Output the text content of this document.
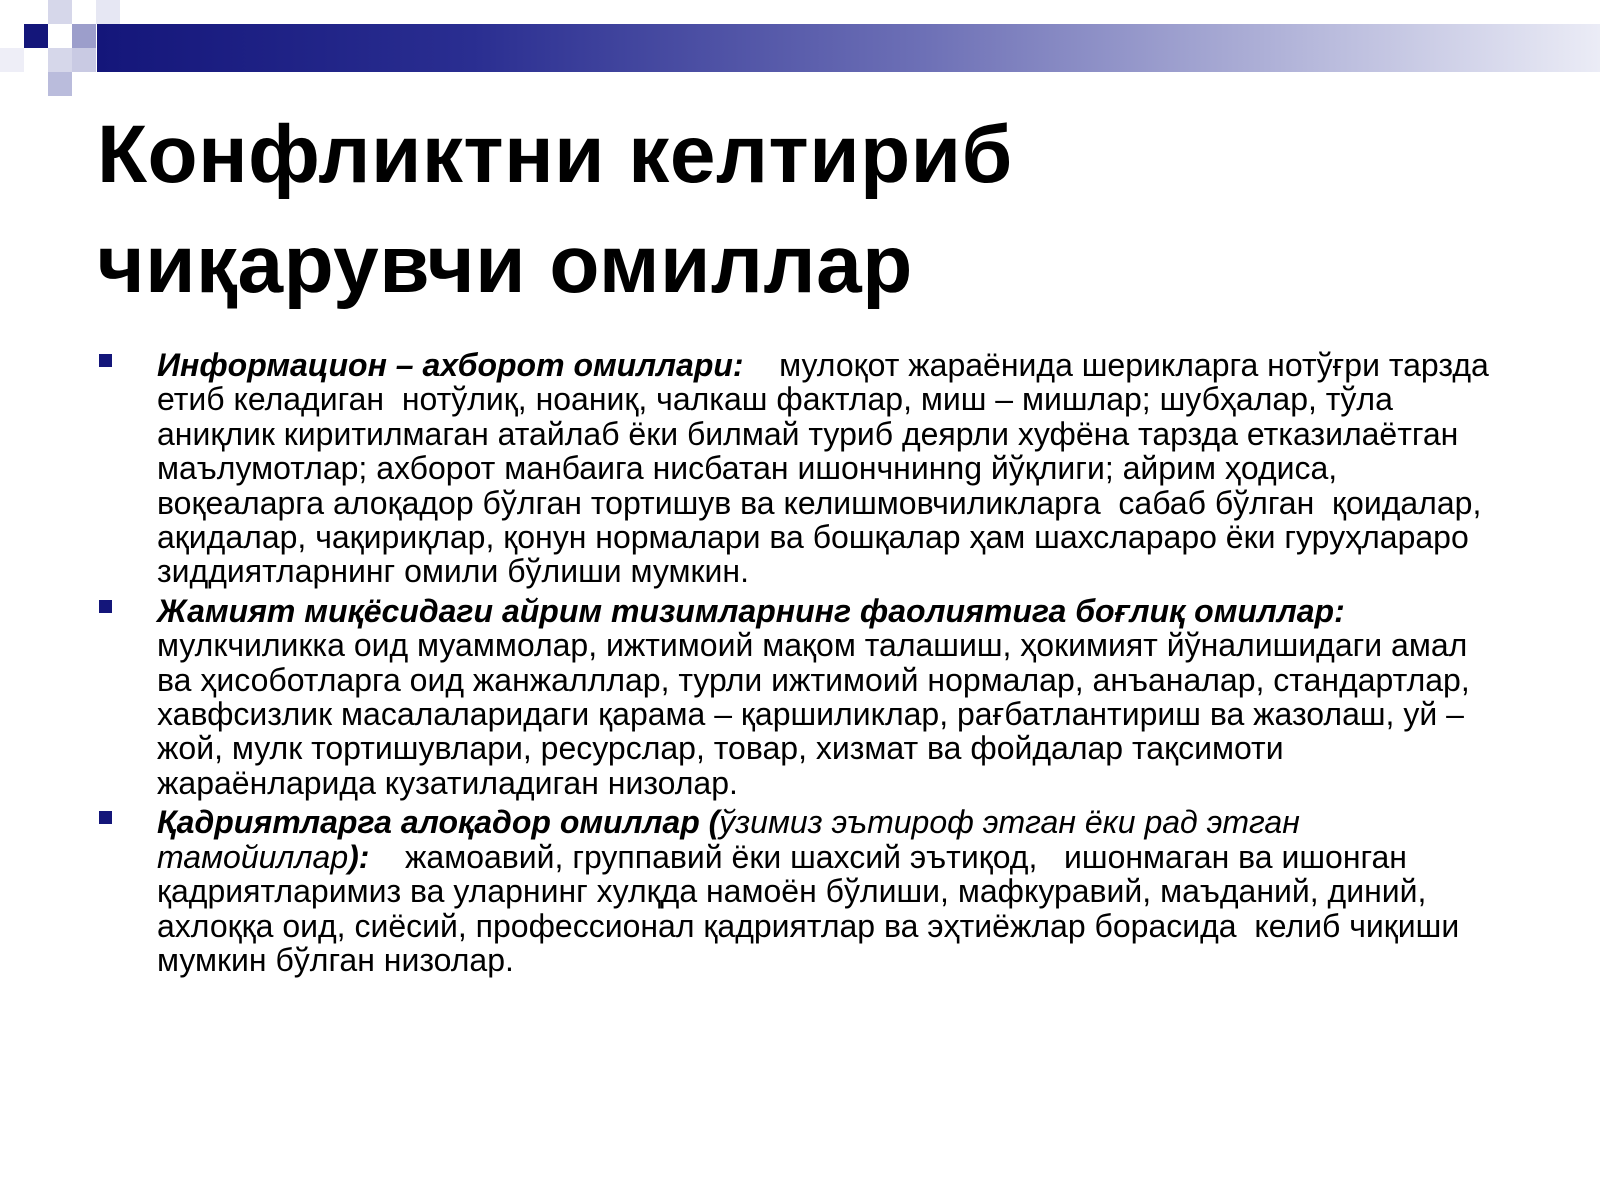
Конфликтни келтириб
чиқарувчи омиллар
Информацион – ахборот омиллари:    мулоқот жараёнида шерикларга нотўғри тарзда етиб келадиган  нотўлиқ, ноаниқ, чалкаш фактлар, миш – мишлар; шубҳалар, тўла аниқлик киритилмаган атайлаб ёки билмай туриб деярли хуфёна тарзда етказилаётган маълумотлар; ахборот манбаига нисбатан ишончнинng йўқлиги; айрим ҳодиса,  воқеаларга алоқадор бўлган тортишув ва келишмовчиликларга  сабаб бўлган  қоидалар, ақидалар, чақириқлар, қонун нормалари ва бошқалар ҳам шахслараро ёки гуруҳлараро зиддиятларнинг омили бўлиши мумкин.
Жамият миқёсидаги айрим тизимларнинг фаолиятига боғлиқ омиллар:   мулкчиликка оид муаммолар, ижтимоий мақом талашиш, ҳокимият йўналишидаги амал ва ҳисоботларга оид жанжалллар, турли ижтимоий нормалар, анъаналар, стандартлар, хавфсизлик масалаларидаги қарама – қаршиликлар, рағбатлантириш ва жазолаш, уй – жой, мулк тортишувлари, ресурслар, товар, хизмат ва фойдалар тақсимоти жараёнларида кузатиладиган низолар.
Қадриятларга алоқадор омиллар (ўзимиз эътироф этган ёки рад этган тамойиллар):    жамоавий, группавий ёки шахсий эътиқод,   ишонмаган ва ишонган қадриятларимиз ва уларнинг хулқда намоён бўлиши, мафкуравий, маъданий, диний, ахлоққа оид, сиёсий, профессионал қадриятлар ва эҳтиёжлар борасида  келиб чиқиши  мумкин бўлган низолар.
